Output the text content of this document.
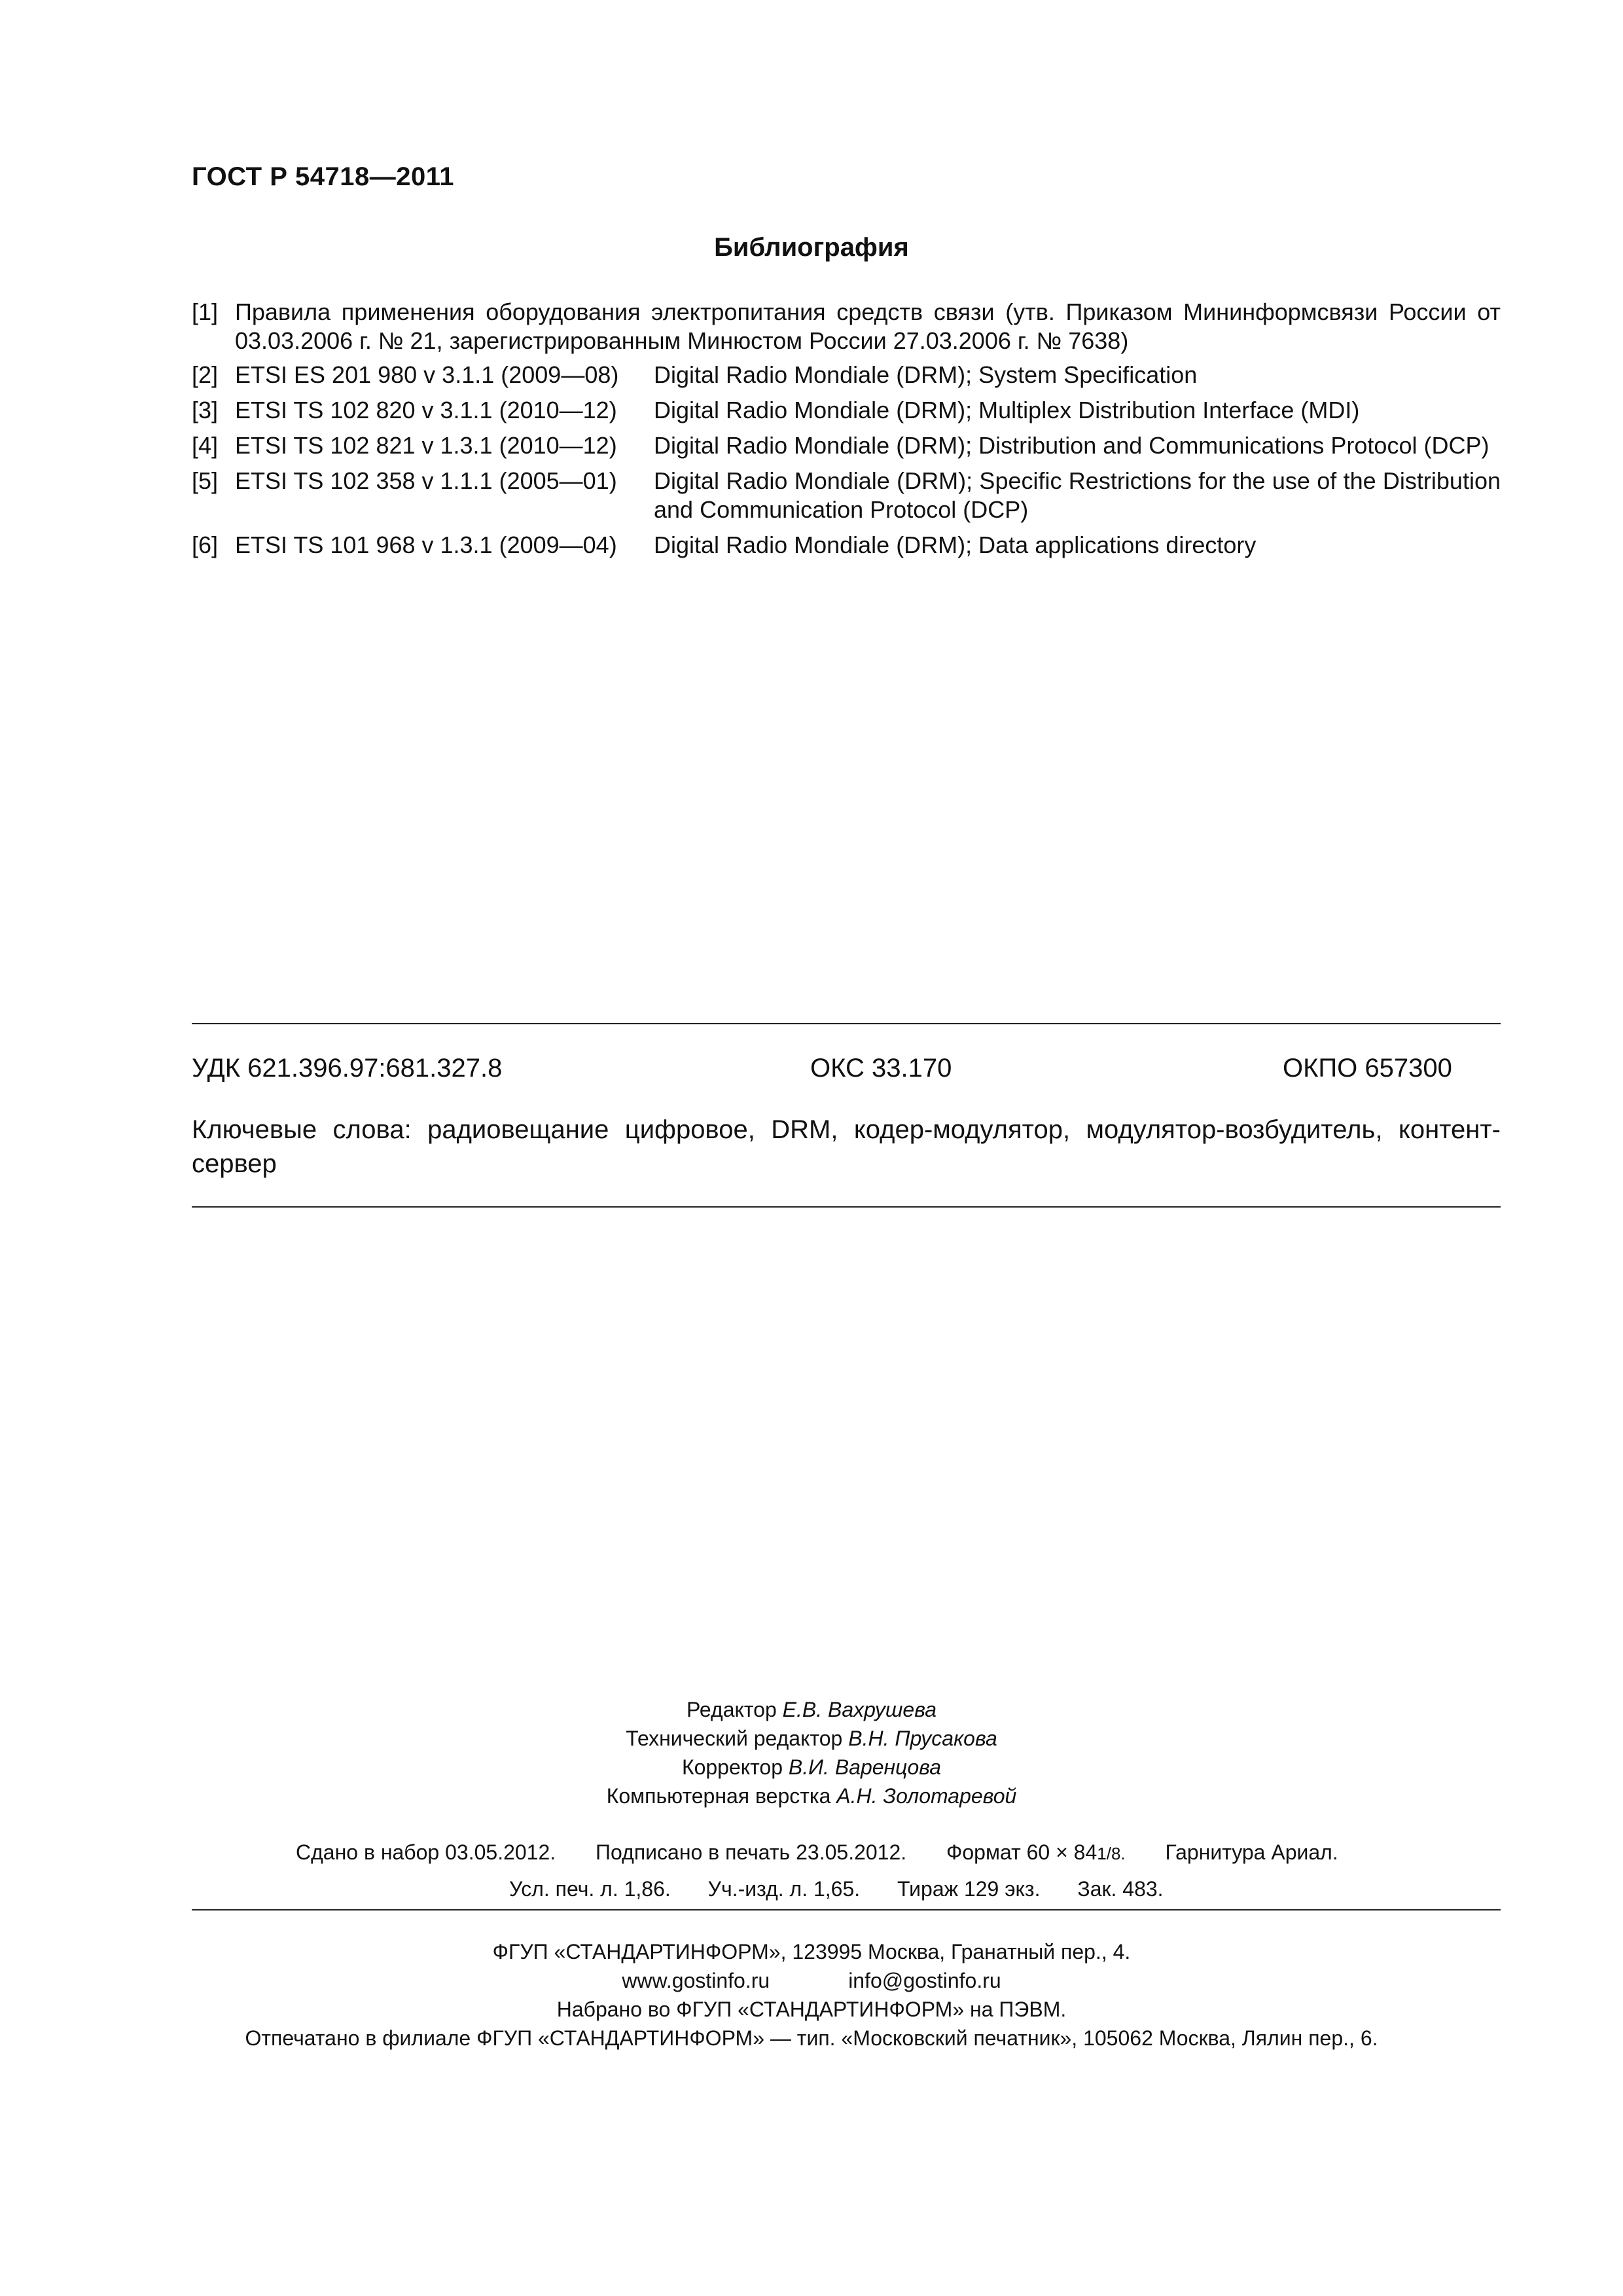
ГОСТ Р 54718—2011
Библиография
[1] Правила применения оборудования электропитания средств связи (утв. Приказом Мининформсвязи России от 03.03.2006 г. № 21, зарегистрированным Минюстом России 27.03.2006 г. № 7638)
[2] ETSI ES 201 980 v 3.1.1 (2009—08)	Digital Radio Mondiale (DRM); System Specification
[3] ETSI TS 102 820 v 3.1.1 (2010—12)	Digital Radio Mondiale (DRM); Multiplex Distribution Interface (MDI)
[4] ETSI TS 102 821 v 1.3.1 (2010—12)	Digital Radio Mondiale (DRM); Distribution and Communications Protocol (DCP)
[5] ETSI TS 102 358 v 1.1.1 (2005—01)	Digital Radio Mondiale (DRM); Specific Restrictions for the use of the Distribution and Communication Protocol (DCP)
[6] ETSI TS 101 968 v 1.3.1 (2009—04)	Digital Radio Mondiale (DRM); Data applications directory
УДК 621.396.97:681.327.8	ОКС 33.170	ОКПО 657300
Ключевые слова: радиовещание цифровое, DRM, кодер-модулятор, модулятор-возбудитель, контент-сервер
Редактор Е.В. Вахрушева
Технический редактор В.Н. Прусакова
Корректор В.И. Варенцова
Компьютерная верстка А.Н. Золотаревой
Сдано в набор 03.05.2012. Подписано в печать 23.05.2012. Формат 60 × 841/8. Гарнитура Ариал.
Усл. печ. л. 1,86. Уч.-изд. л. 1,65. Тираж 129 экз. Зак. 483.
ФГУП «СТАНДАРТИНФОРМ», 123995 Москва, Гранатный пер., 4.
www.gostinfo.ru	info@gostinfo.ru
Набрано во ФГУП «СТАНДАРТИНФОРМ» на ПЭВМ.
Отпечатано в филиале ФГУП «СТАНДАРТИНФОРМ» — тип. «Московский печатник», 105062 Москва, Лялин пер., 6.
